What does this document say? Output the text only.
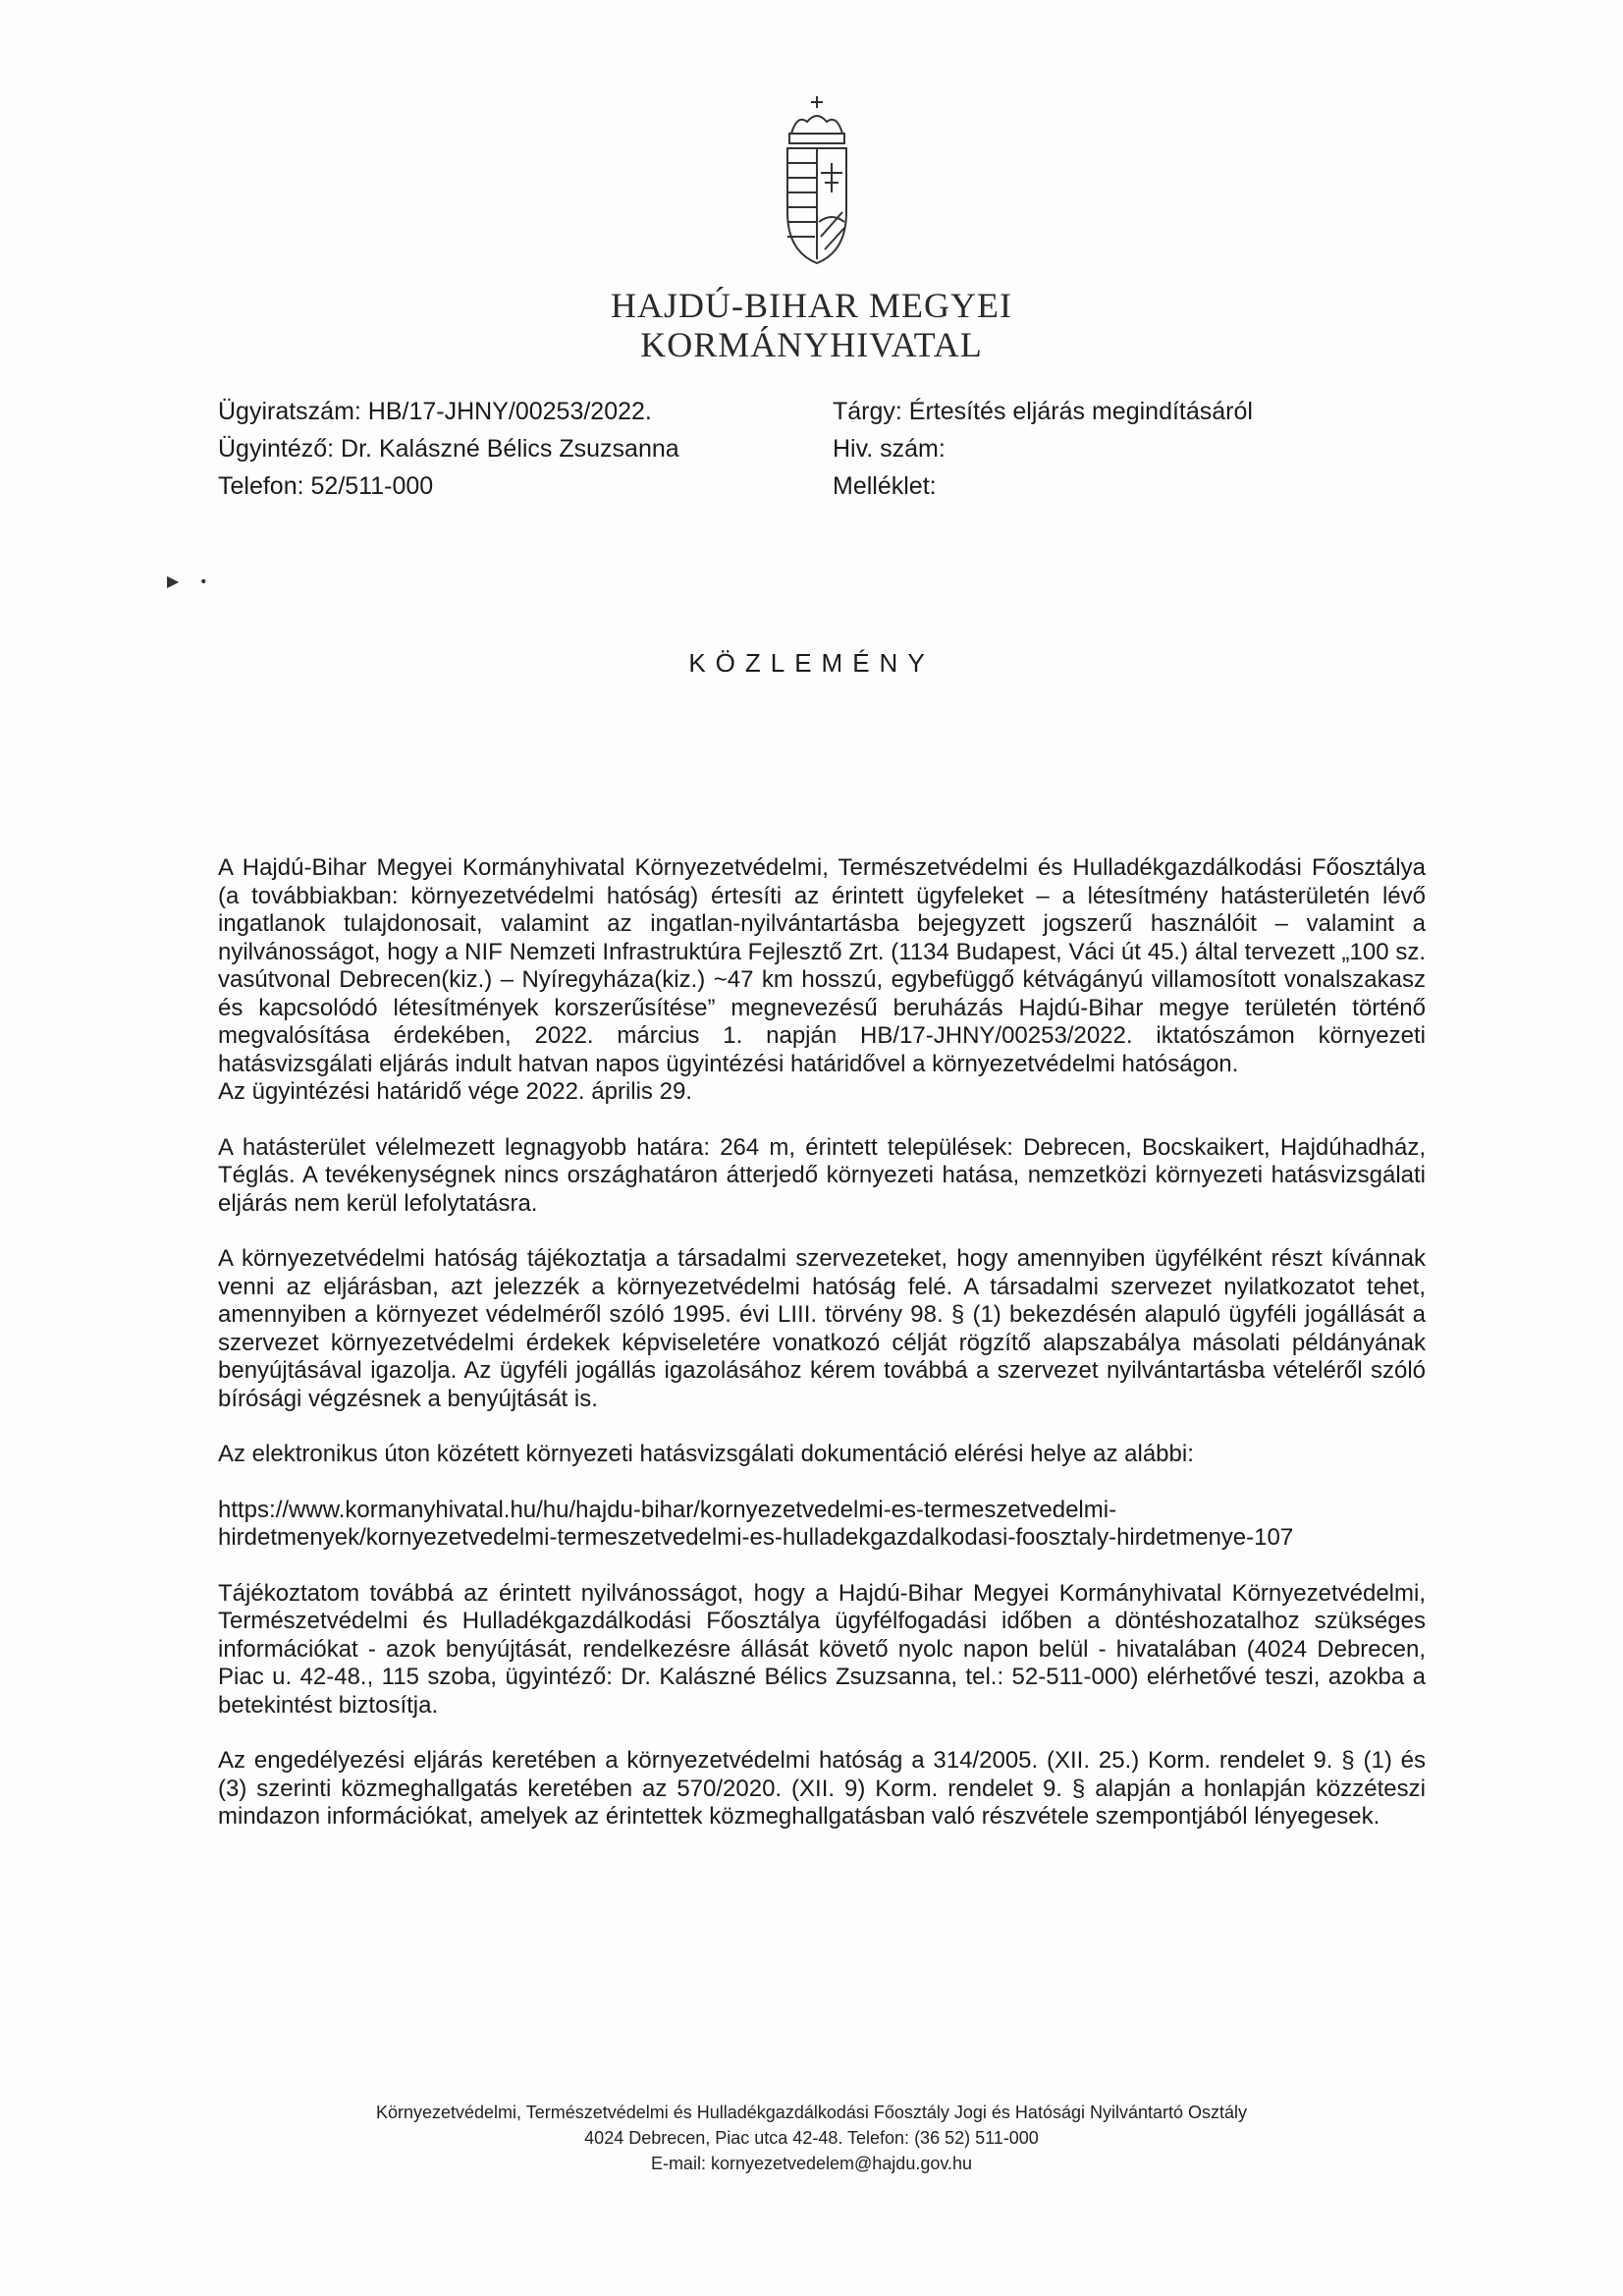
HAJDÚ-BIHAR MEGYEI
KORMÁNYHIVATAL
Ügyiratszám: HB/17-JHNY/00253/2022.
Ügyintéző: Dr. Kalászné Bélics Zsuzsanna
Telefon: 52/511-000
Tárgy: Értesítés eljárás megindításáról
Hiv. szám:
Melléklet:
▶     •
KÖZLEMÉNY

A Hajdú-Bihar Megyei Kormányhivatal Környezetvédelmi, Természetvédelmi és Hulladékgazdálkodási Főosztálya (a továbbiakban: környezetvédelmi hatóság) értesíti az érintett ügyfeleket – a létesítmény hatásterületén lévő ingatlanok tulajdonosait, valamint az ingatlan-nyilvántartásba bejegyzett jogszerű használóit – valamint a nyilvánosságot, hogy a NIF Nemzeti Infrastruktúra Fejlesztő Zrt. (1134 Budapest, Váci út 45.) által tervezett „100 sz. vasútvonal Debrecen(kiz.) – Nyíregyháza(kiz.) ~47 km hosszú, egybefüggő kétvágányú villamosított vonalszakasz és kapcsolódó létesítmények korszerűsítése” megnevezésű beruházás Hajdú-Bihar megye területén történő megvalósítása érdekében, 2022. március 1. napján HB/17-JHNY/00253/2022. iktatószámon környezeti hatásvizsgálati eljárás indult hatvan napos ügyintézési határidővel a környezetvédelmi hatóságon.
Az ügyintézési határidő vége 2022. április 29.

A hatásterület vélelmezett legnagyobb határa: 264 m, érintett települések: Debrecen, Bocskaikert, Hajdúhadház, Téglás. A tevékenységnek nincs országhatáron átterjedő környezeti hatása, nemzetközi környezeti hatásvizsgálati eljárás nem kerül lefolytatásra.

A környezetvédelmi hatóság tájékoztatja a társadalmi szervezeteket, hogy amennyiben ügyfélként részt kívánnak venni az eljárásban, azt jelezzék a környezetvédelmi hatóság felé. A társadalmi szervezet nyilatkozatot tehet, amennyiben a környezet védelméről szóló 1995. évi LIII. törvény 98. § (1) bekezdésén alapuló ügyféli jogállását a szervezet környezetvédelmi érdekek képviseletére vonatkozó célját rögzítő alapszabálya másolati példányának benyújtásával igazolja. Az ügyféli jogállás igazolásához kérem továbbá a szervezet nyilvántartásba vételéről szóló bírósági végzésnek a benyújtását is.

Az elektronikus úton közétett környezeti hatásvizsgálati dokumentáció elérési helye az alábbi:

https://www.kormanyhivatal.hu/hu/hajdu-bihar/kornyezetvedelmi-es-termeszetvedelmi-
hirdetmenyek/kornyezetvedelmi-termeszetvedelmi-es-hulladekgazdalkodasi-foosztaly-hirdetmenye-107

Tájékoztatom továbbá az érintett nyilvánosságot, hogy a Hajdú-Bihar Megyei Kormányhivatal Környezetvédelmi, Természetvédelmi és Hulladékgazdálkodási Főosztálya ügyfélfogadási időben a döntéshozatalhoz szükséges információkat - azok benyújtását, rendelkezésre állását követő nyolc napon belül - hivatalában (4024 Debrecen, Piac u. 42-48., 115 szoba, ügyintéző: Dr. Kalászné Bélics Zsuzsanna, tel.: 52-511-000) elérhetővé teszi, azokba a betekintést biztosítja.

Az engedélyezési eljárás keretében a környezetvédelmi hatóság a 314/2005. (XII. 25.) Korm. rendelet 9. § (1) és (3) szerinti közmeghallgatás keretében az 570/2020. (XII. 9) Korm. rendelet 9. § alapján a honlapján közzéteszi mindazon információkat, amelyek az érintettek közmeghallgatásban való részvétele szempontjából lényegesek.

Környezetvédelmi, Természetvédelmi és Hulladékgazdálkodási Főosztály Jogi és Hatósági Nyilvántartó Osztály
4024 Debrecen, Piac utca 42-48. Telefon: (36 52) 511-000
E-mail: kornyezetvedelem@hajdu.gov.hu
